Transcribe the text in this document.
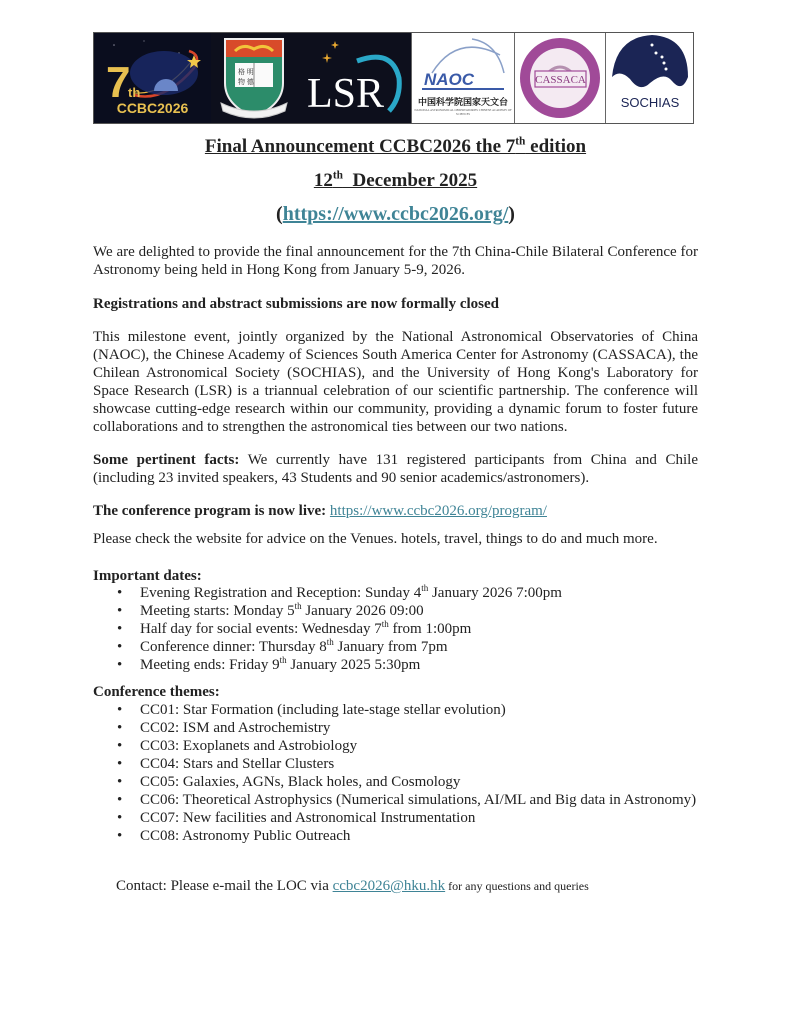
7
th
CCBC2026
格 明
物 德 LSR NAOC
中国科学院国家天文台
NATIONAL ASTRONOMICAL OBSERVATORIES CHINESE ACADEMY OF SCIENCES
CASSACA
SOCHIAS
Final Announcement CCBC2026 the 7th edition
12th  December 2025
(https://www.ccbc2026.org/)
We are delighted to provide the final announcement for the 7th China-Chile Bilateral Conference for Astronomy being held in Hong Kong from January 5-9, 2026.
Registrations and abstract submissions are now formally closed
This milestone event, jointly organized by the National Astronomical Observatories of China (NAOC), the Chinese Academy of Sciences South America Center for Astronomy (CASSACA), the Chilean Astronomical Society (SOCHIAS), and the University of Hong Kong's Laboratory for Space Research (LSR) is a triannual celebration of our scientific partnership. The conference will showcase cutting-edge research within our community, providing a dynamic forum to foster future collaborations and to strengthen the astronomical ties between our two nations.
Some pertinent facts: We currently have 131 registered participants from China and Chile (including 23 invited speakers, 43 Students and 90 senior academics/astronomers).
The conference program is now live: https://www.ccbc2026.org/program/
Please check the website for advice on the Venues. hotels, travel, things to do and much more.
Important dates:
• Evening Registration and Reception: Sunday 4th January 2026 7:00pm
• Meeting starts: Monday 5th January 2026 09:00
• Half day for social events: Wednesday 7th from 1:00pm
• Conference dinner: Thursday 8th January from 7pm
• Meeting ends: Friday 9th January 2025 5:30pm
Conference themes:
• CC01: Star Formation (including late-stage stellar evolution)
• CC02: ISM and Astrochemistry
• CC03: Exoplanets and Astrobiology
• CC04: Stars and Stellar Clusters
• CC05: Galaxies, AGNs, Black holes, and Cosmology
• CC06: Theoretical Astrophysics (Numerical simulations, AI/ML and Big data in Astronomy)
• CC07: New facilities and Astronomical Instrumentation
• CC08: Astronomy Public Outreach
Contact: Please e-mail the LOC via ccbc2026@hku.hk for any questions and queries
